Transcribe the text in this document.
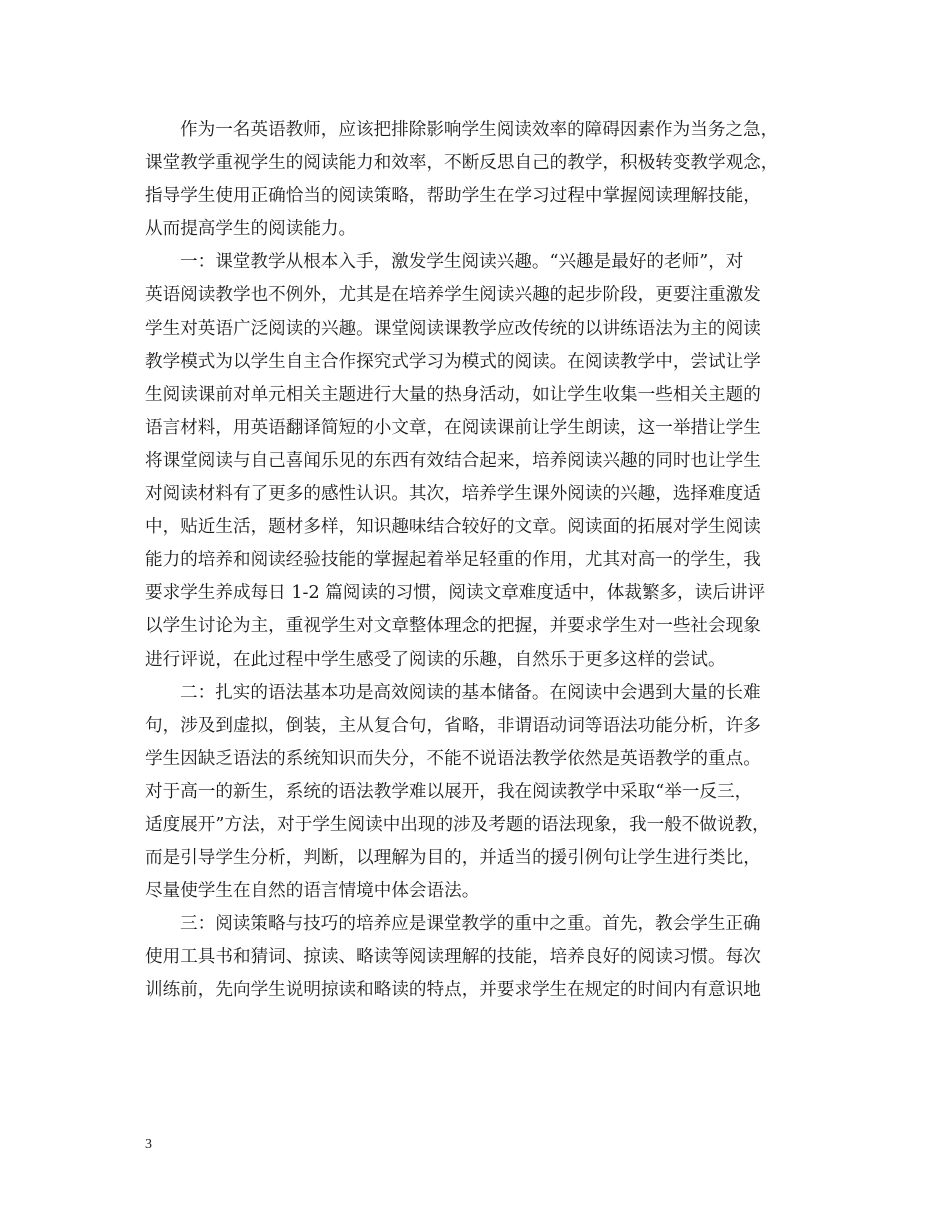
作为一名英语教师，应该把排除影响学生阅读效率的障碍因素作为当务之急，
课堂教学重视学生的阅读能力和效率，不断反思自己的教学，积极转变教学观念，
指导学生使用正确恰当的阅读策略，帮助学生在学习过程中掌握阅读理解技能，
从而提高学生的阅读能力。
一：课堂教学从根本入手，激发学生阅读兴趣。“兴趣是最好的老师”，对
英语阅读教学也不例外，尤其是在培养学生阅读兴趣的起步阶段，更要注重激发
学生对英语广泛阅读的兴趣。课堂阅读课教学应改传统的以讲练语法为主的阅读
教学模式为以学生自主合作探究式学习为模式的阅读。在阅读教学中，尝试让学
生阅读课前对单元相关主题进行大量的热身活动，如让学生收集一些相关主题的
语言材料，用英语翻译简短的小文章，在阅读课前让学生朗读，这一举措让学生
将课堂阅读与自己喜闻乐见的东西有效结合起来，培养阅读兴趣的同时也让学生
对阅读材料有了更多的感性认识。其次，培养学生课外阅读的兴趣，选择难度适
中，贴近生活，题材多样，知识趣味结合较好的文章。阅读面的拓展对学生阅读
能力的培养和阅读经验技能的掌握起着举足轻重的作用，尤其对高一的学生，我
要求学生养成每日 1-2 篇阅读的习惯，阅读文章难度适中，体裁繁多，读后讲评
以学生讨论为主，重视学生对文章整体理念的把握，并要求学生对一些社会现象
进行评说，在此过程中学生感受了阅读的乐趣，自然乐于更多这样的尝试。
二：扎实的语法基本功是高效阅读的基本储备。在阅读中会遇到大量的长难
句，涉及到虚拟，倒装，主从复合句，省略，非谓语动词等语法功能分析，许多
学生因缺乏语法的系统知识而失分，不能不说语法教学依然是英语教学的重点。
对于高一的新生，系统的语法教学难以展开，我在阅读教学中采取“举一反三，
适度展开”方法，对于学生阅读中出现的涉及考题的语法现象，我一般不做说教，
而是引导学生分析，判断，以理解为目的，并适当的援引例句让学生进行类比，
尽量使学生在自然的语言情境中体会语法。
三：阅读策略与技巧的培养应是课堂教学的重中之重。首先，教会学生正确
使用工具书和猜词、掠读、略读等阅读理解的技能，培养良好的阅读习惯。每次
训练前，先向学生说明掠读和略读的特点，并要求学生在规定的时间内有意识地
3
